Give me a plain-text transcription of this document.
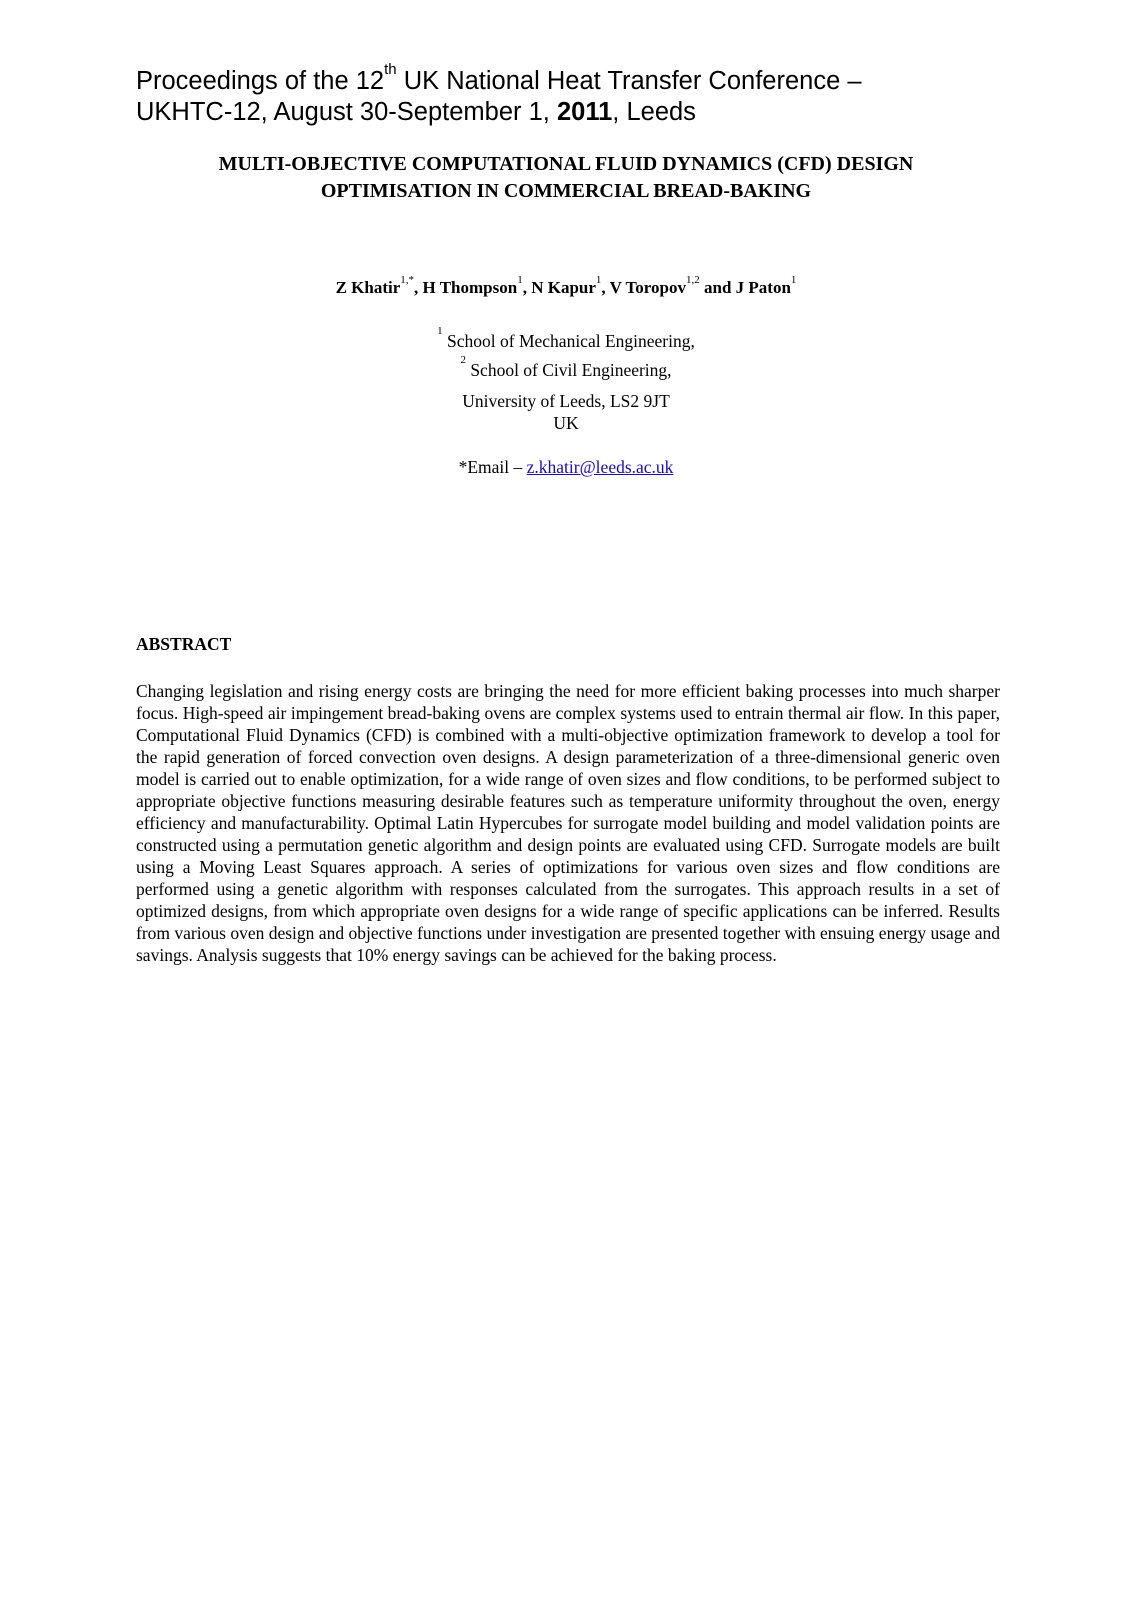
Proceedings of the 12th UK National Heat Transfer Conference –
UKHTC-12, August 30-September 1, 2011, Leeds
MULTI-OBJECTIVE COMPUTATIONAL FLUID DYNAMICS (CFD) DESIGN
OPTIMISATION IN COMMERCIAL BREAD-BAKING
Z Khatir$^{1,*}$, H Thompson$^1$, N Kapur$^1$, V Toropov$^{1,2}$ and J Paton$^1$
$^1$ School of Mechanical Engineering,
$^2$ School of Civil Engineering,
University of Leeds, LS2 9JT
UK
*Email – z.khatir@leeds.ac.uk
ABSTRACT

Changing legislation and rising energy costs are bringing the need for more efficient baking processes into much sharper focus. High-speed air impingement bread-baking ovens are complex systems used to entrain thermal air flow. In this paper, Computational Fluid Dynamics (CFD) is combined with a multi-objective optimization framework to develop a tool for the rapid generation of forced convection oven designs. A design parameterization of a three-dimensional generic oven model is carried out to enable optimization, for a wide range of oven sizes and flow conditions, to be performed subject to appropriate objective functions measuring desirable features such as temperature uniformity throughout the oven, energy efficiency and manufacturability. Optimal Latin Hypercubes for surrogate model building and model validation points are constructed using a permutation genetic algorithm and design points are evaluated using CFD. Surrogate models are built using a Moving Least Squares approach. A series of optimizations for various oven sizes and flow conditions are performed using a genetic algorithm with responses calculated from the surrogates. This approach results in a set of optimized designs, from which appropriate oven designs for a wide range of specific applications can be inferred. Results from various oven design and objective functions under investigation are presented together with ensuing energy usage and savings. Analysis suggests that 10% energy savings can be achieved for the baking process.
